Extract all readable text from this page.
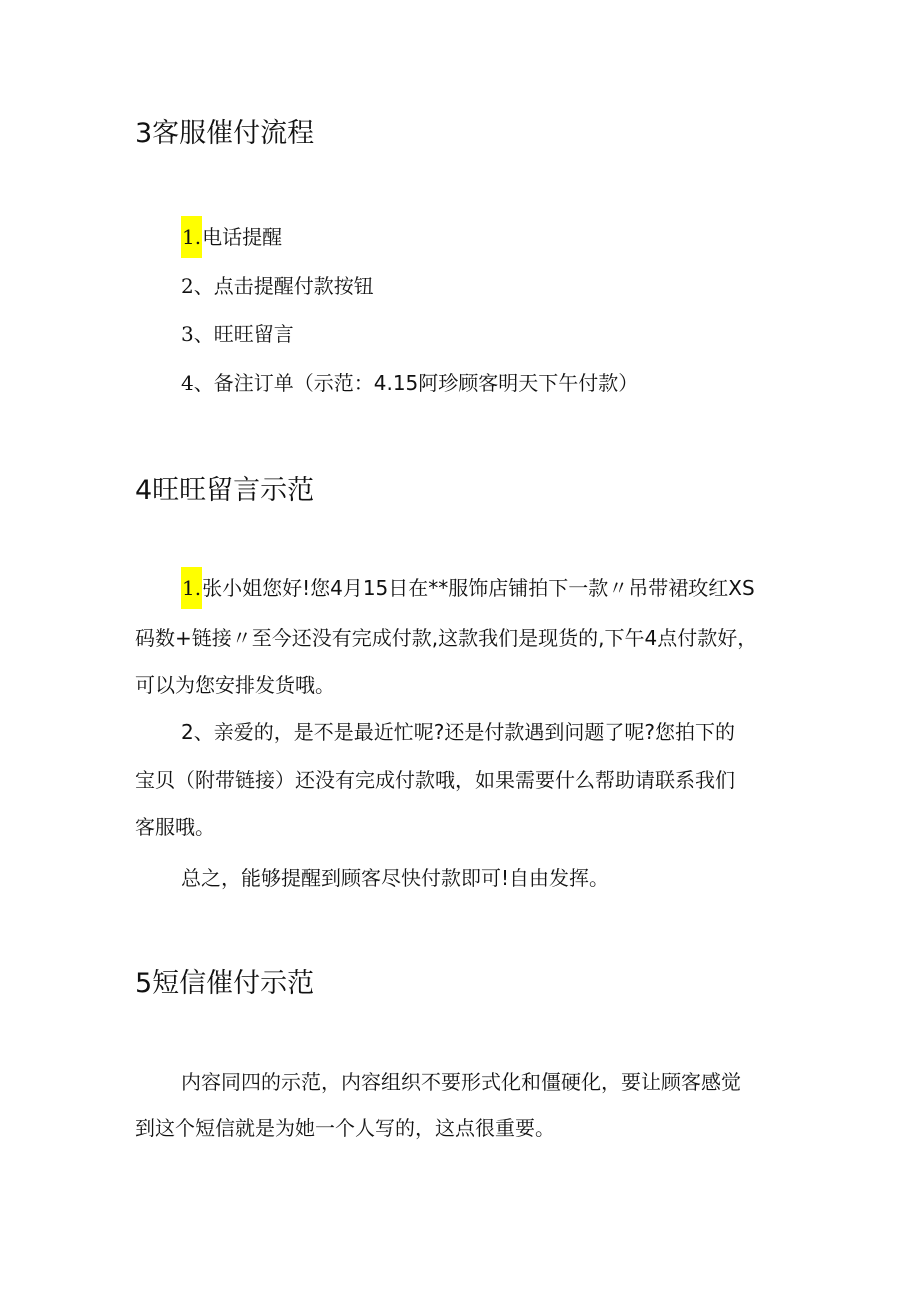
3客服催付流程
1.电话提醒
2、点击提醒付款按钮
3、旺旺留言
4、备注订单（示范：4.15阿珍顾客明天下午付款）
4旺旺留言示范
1.张小姐您好!您4月15日在**服饰店铺拍下一款〃吊带裙玫红XS
码数+链接〃至今还没有完成付款,这款我们是现货的,下午4点付款好，
可以为您安排发货哦。
2、亲爱的，是不是最近忙呢?还是付款遇到问题了呢?您拍下的
宝贝（附带链接）还没有完成付款哦，如果需要什么帮助请联系我们
客服哦。
总之，能够提醒到顾客尽快付款即可!自由发挥。
5短信催付示范
内容同四的示范，内容组织不要形式化和僵硬化，要让顾客感觉
到这个短信就是为她一个人写的，这点很重要。
